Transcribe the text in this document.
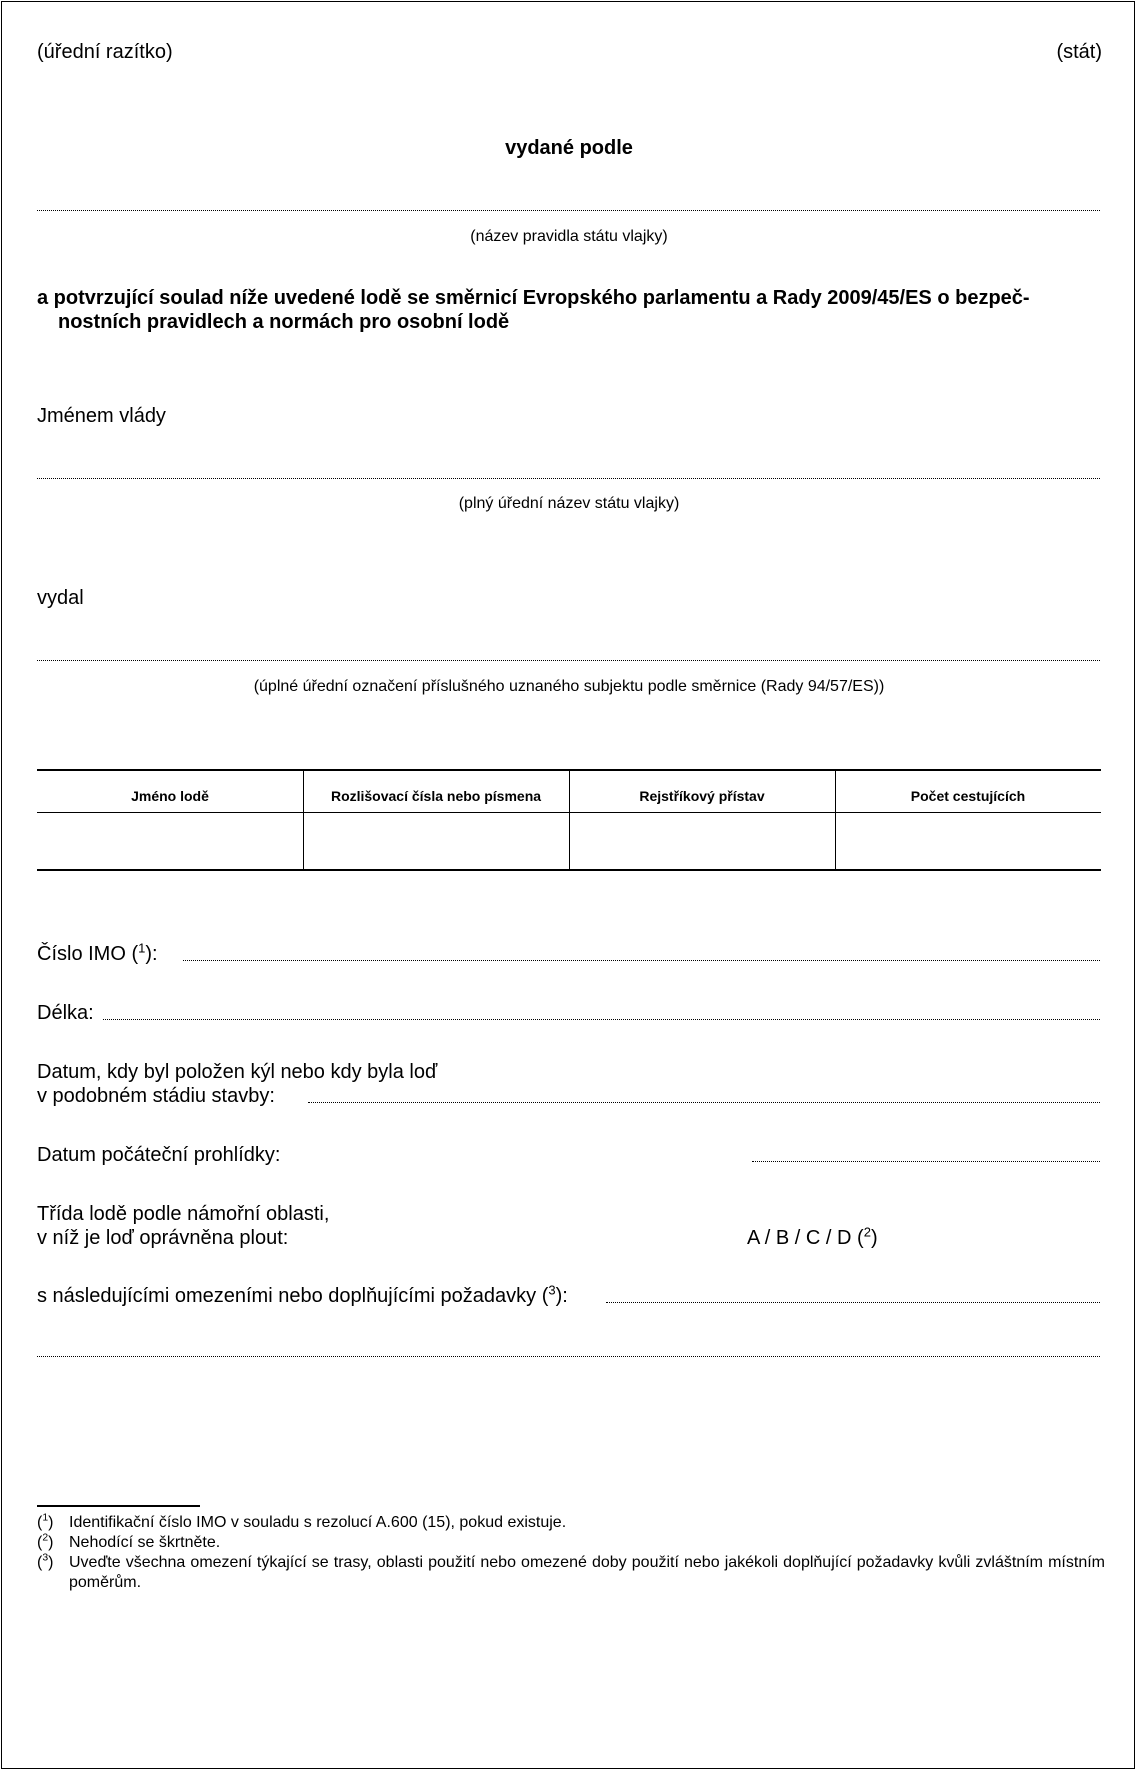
(úřední razítko)	(stát)
vydané podle
(název pravidla státu vlajky)
a potvrzující soulad níže uvedené lodě se směrnicí Evropského parlamentu a Rady 2009/45/ES o bezpeč-
nostních pravidlech a normách pro osobní lodě
Jménem vlády
(plný úřední název státu vlajky)
vydal
(úplné úřední označení příslušného uznaného subjektu podle směrnice (Rady 94/57/ES))
Jméno lodě	Rozlišovací čísla nebo písmena	Rejstříkový přístav	Počet cestujících
Číslo IMO ($^1$):
Délka:
Datum, kdy byl položen kýl nebo kdy byla loď
v podobném stádiu stavby:
Datum počáteční prohlídky:
Třída lodě podle námořní oblasti,
v níž je loď oprávněna plout:	A / B / C / D ($^2$)
s následujícími omezeními nebo doplňujícími požadavky ($^3$):
($^1$) Identifikační číslo IMO v souladu s rezolucí A.600 (15), pokud existuje.
($^2$) Nehodící se škrtněte.
($^3$) Uveďte všechna omezení týkající se trasy, oblasti použití nebo omezené doby použití nebo jakékoli doplňující požadavky kvůli zvláštním místním poměrům.
